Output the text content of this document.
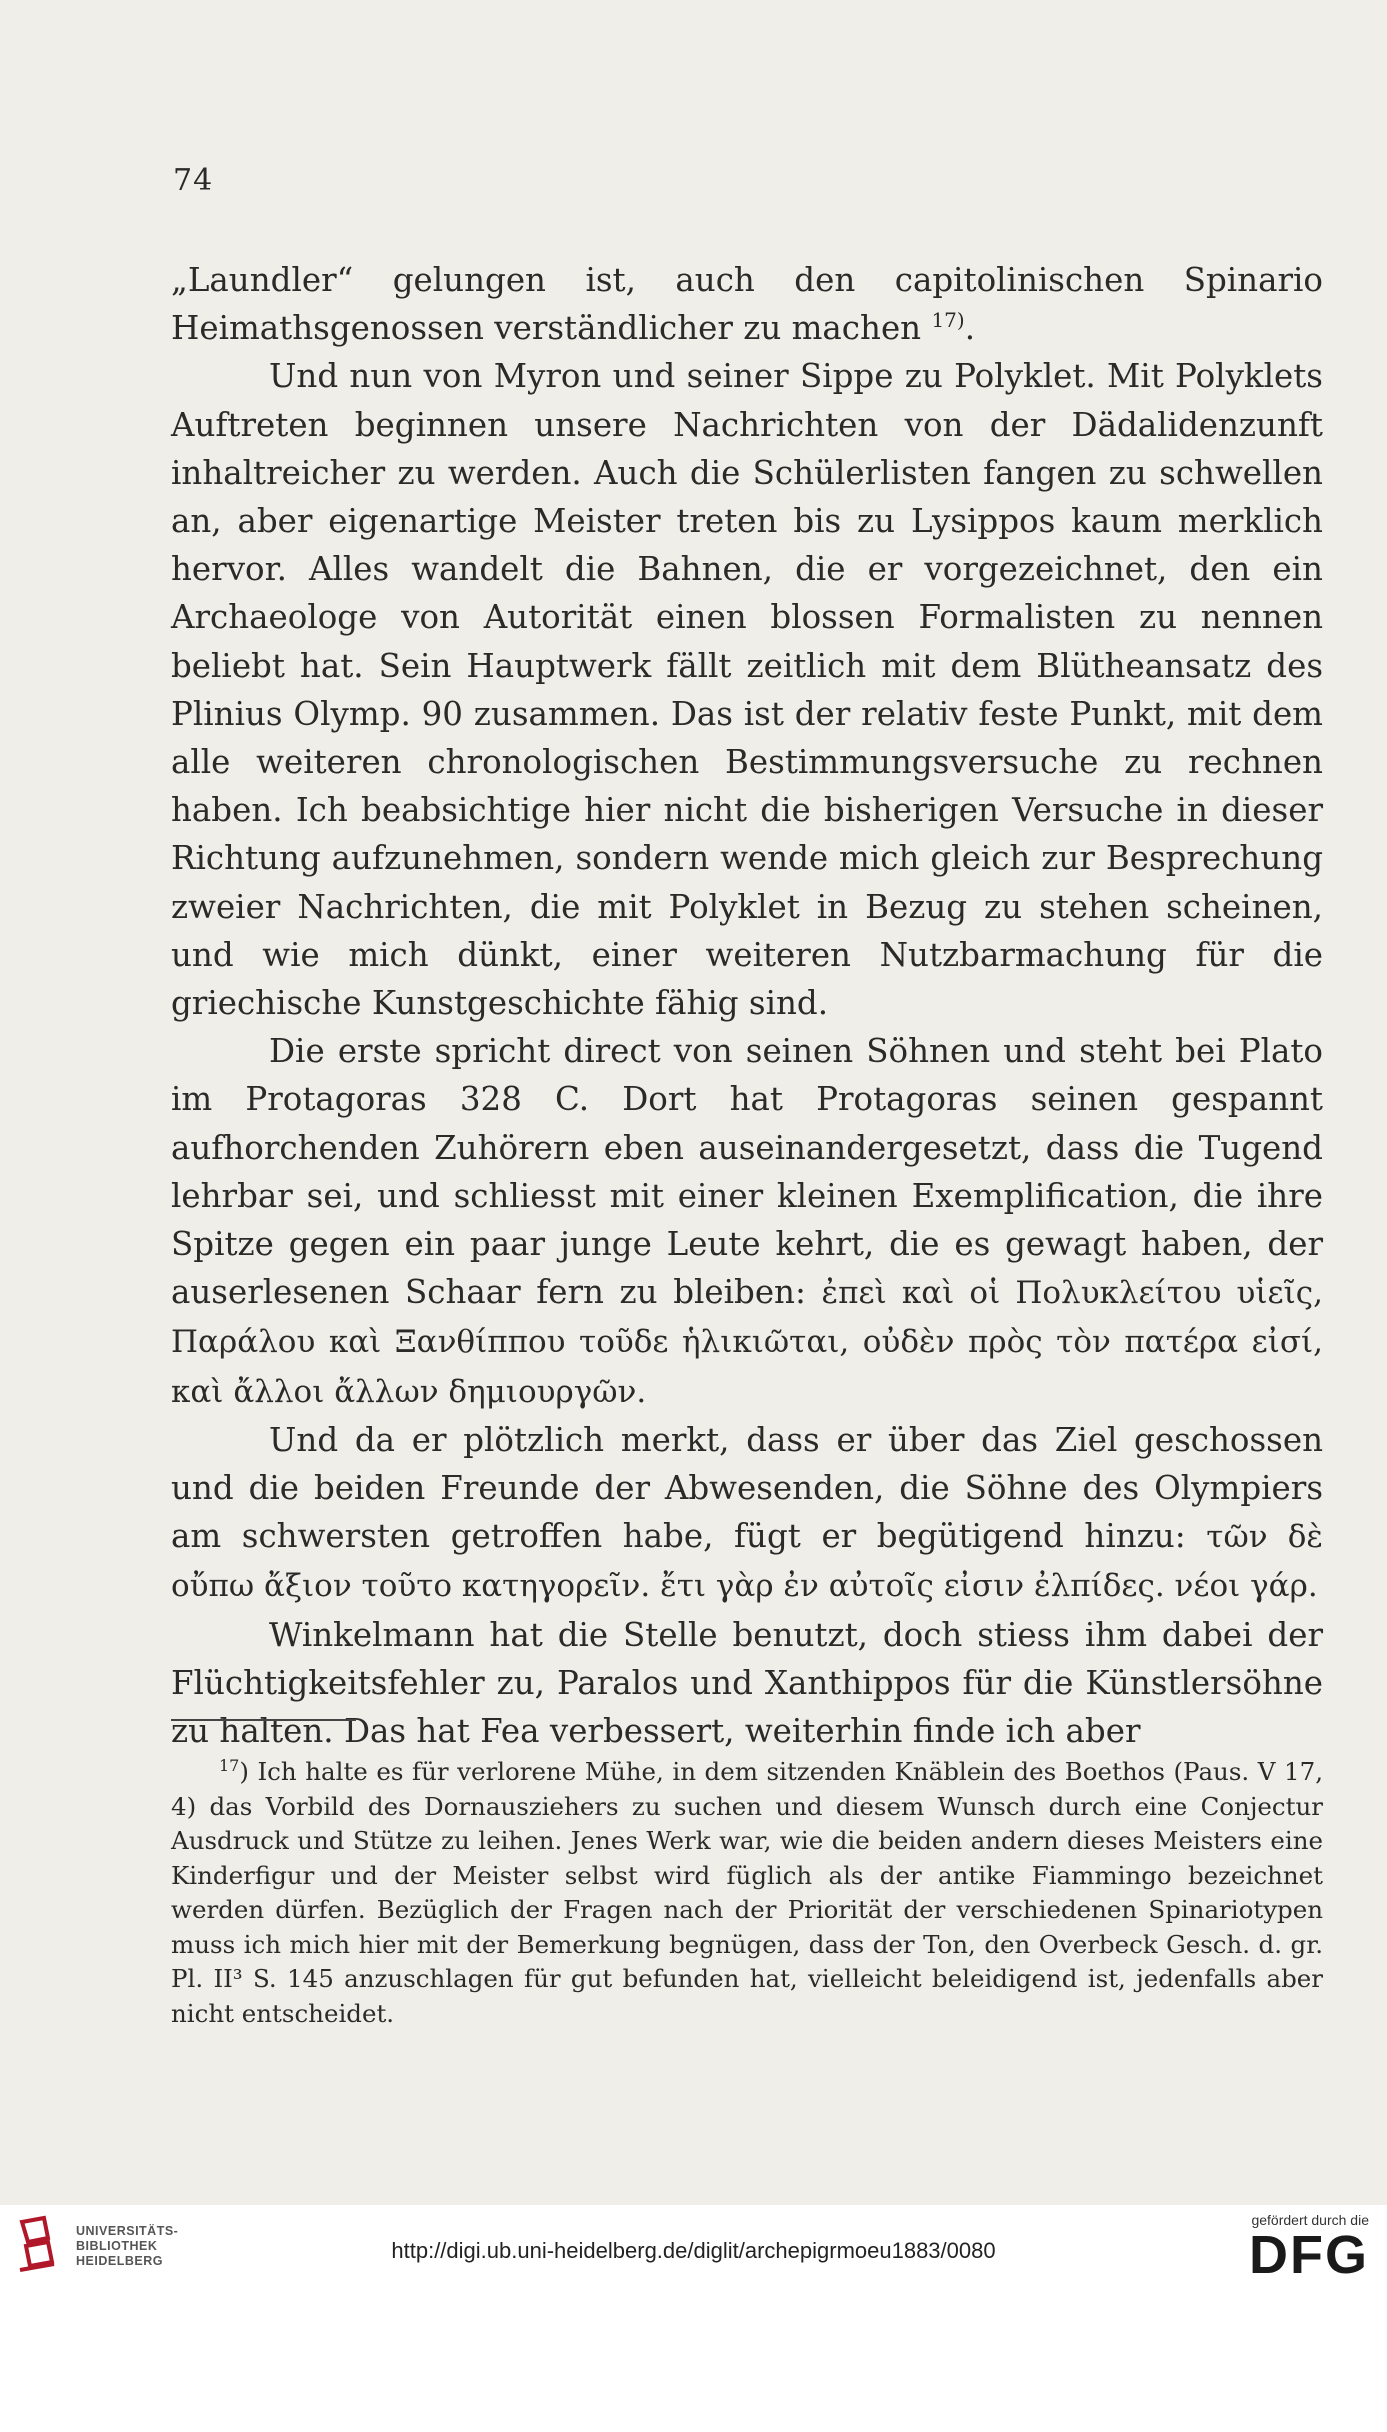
74

„Laundler“ gelungen ist, auch den capitolinischen Spinario Heimathsgenossen verständlicher zu machen $^{17)}$.

Und nun von Myron und seiner Sippe zu Polyklet. Mit Polyklets Auftreten beginnen unsere Nachrichten von der Dädalidenzunft inhaltreicher zu werden. Auch die Schülerlisten fangen zu schwellen an, aber eigenartige Meister treten bis zu Lysippos kaum merklich hervor. Alles wandelt die Bahnen, die er vorgezeichnet, den ein Archaeologe von Autorität einen blossen Formalisten zu nennen beliebt hat. Sein Hauptwerk fällt zeitlich mit dem Blütheansatz des Plinius Olymp. 90 zusammen. Das ist der relativ feste Punkt, mit dem alle weiteren chronologischen Bestimmungsversuche zu rechnen haben. Ich beabsichtige hier nicht die bisherigen Versuche in dieser Richtung aufzunehmen, sondern wende mich gleich zur Besprechung zweier Nachrichten, die mit Polyklet in Bezug zu stehen scheinen, und wie mich dünkt, einer weiteren Nutzbarmachung für die griechische Kunstgeschichte fähig sind.

Die erste spricht direct von seinen Söhnen und steht bei Plato im Protagoras 328 C. Dort hat Protagoras seinen gespannt aufhorchenden Zuhörern eben auseinandergesetzt, dass die Tugend lehrbar sei, und schliesst mit einer kleinen Exemplification, die ihre Spitze gegen ein paar junge Leute kehrt, die es gewagt haben, der auserlesenen Schaar fern zu bleiben: ἐπεὶ καὶ οἱ Πολυκλείτου υἱεῖς, Παράλου καὶ Ξανθίππου τοῦδε ἡλικιῶται, οὐδὲν πρὸς τὸν πατέρα εἰσί, καὶ ἄλλοι ἄλλων δημιουργῶν.

Und da er plötzlich merkt, dass er über das Ziel geschossen und die beiden Freunde der Abwesenden, die Söhne des Olympiers am schwersten getroffen habe, fügt er begütigend hinzu: τῶν δὲ οὔπω ἄξιον τοῦτο κατηγορεῖν. ἔτι γὰρ ἐν αὐτοῖς εἰσιν ἐλπίδες. νέοι γάρ.

Winkelmann hat die Stelle benutzt, doch stiess ihm dabei der Flüchtigkeitsfehler zu, Paralos und Xanthippos für die Künstlersöhne zu halten. Das hat Fea verbessert, weiterhin finde ich aber

$^{17}$) Ich halte es für verlorene Mühe, in dem sitzenden Knäblein des Boethos (Paus. V 17, 4) das Vorbild des Dornausziehers zu suchen und diesem Wunsch durch eine Conjectur Ausdruck und Stütze zu leihen. Jenes Werk war, wie die beiden andern dieses Meisters eine Kinderfigur und der Meister selbst wird füglich als der antike Fiammingo bezeichnet werden dürfen. Bezüglich der Fragen nach der Priorität der verschiedenen Spinariotypen muss ich mich hier mit der Bemerkung begnügen, dass der Ton, den Overbeck Gesch. d. gr. Pl. II³ S. 145 anzuschlagen für gut befunden hat, vielleicht beleidigend ist, jedenfalls aber nicht entscheidet.

UNIVERSITÄTS-
BIBLIOTHEK
HEIDELBERG	http://digi.ub.uni-heidelberg.de/diglit/archepigrmoeu1883/0080
gefördert durch die
DFG
